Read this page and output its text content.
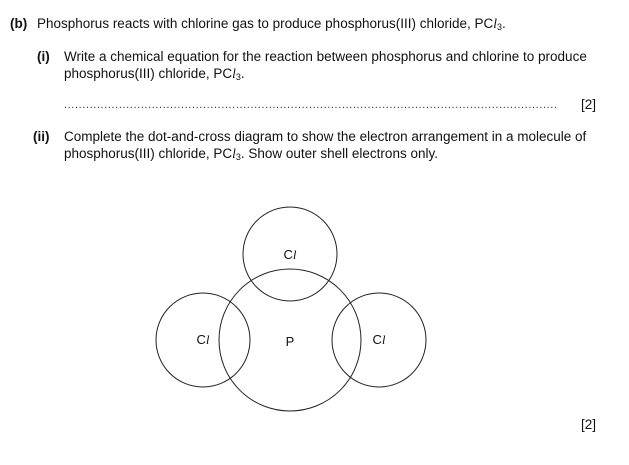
(b) Phosphorus reacts with chlorine gas to produce phosphorus(III) chloride, PCl$_3$.
(i) Write a chemical equation for the reaction between phosphorus and chlorine to produce
phosphorus(III) chloride, PCl$_3$.
.......................................................................................................................................	[2]
(ii) Complete the dot-and-cross diagram to show the electron arrangement in a molecule of
phosphorus(III) chloride, PCl$_3$. Show outer shell electrons only.
Cl
P
Cl	Cl
[2]
